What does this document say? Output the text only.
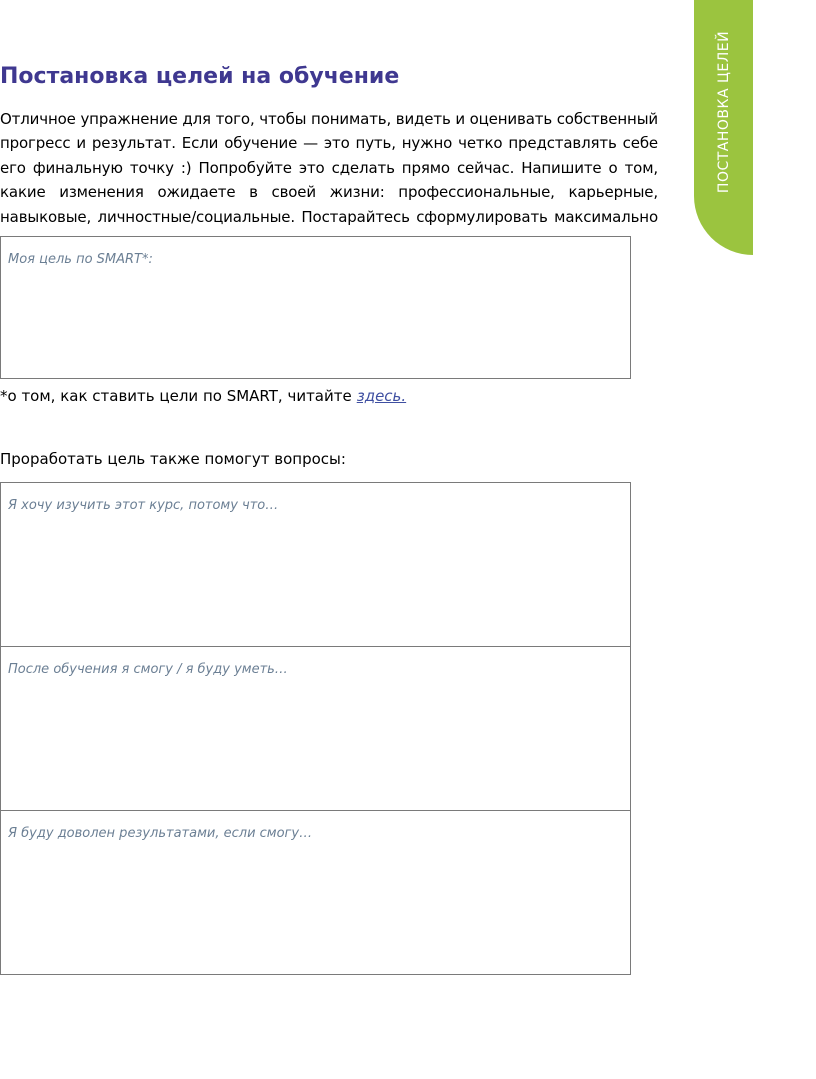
ПОСТАНОВКА ЦЕЛЕЙ
Постановка целей на обучение

Отличное упражнение для того, чтобы понимать, видеть и оценивать собственный прогресс и результат. Если обучение — это путь, нужно четко представлять себе его финальную точку :) Попробуйте это сделать прямо сейчас. Напишите о том, какие изменения ожидаете в своей жизни: профессиональные, карьерные, навыковые, личностные/социальные. Постарайтесь сформулировать максимально

Моя цель по SMART*:
*о том, как ставить цели по SMART, читайте здесь.
Проработать цель также помогут вопросы:
Я хочу изучить этот курс, потому что…
После обучения я смогу / я буду уметь…
Я буду доволен результатами, если смогу…
